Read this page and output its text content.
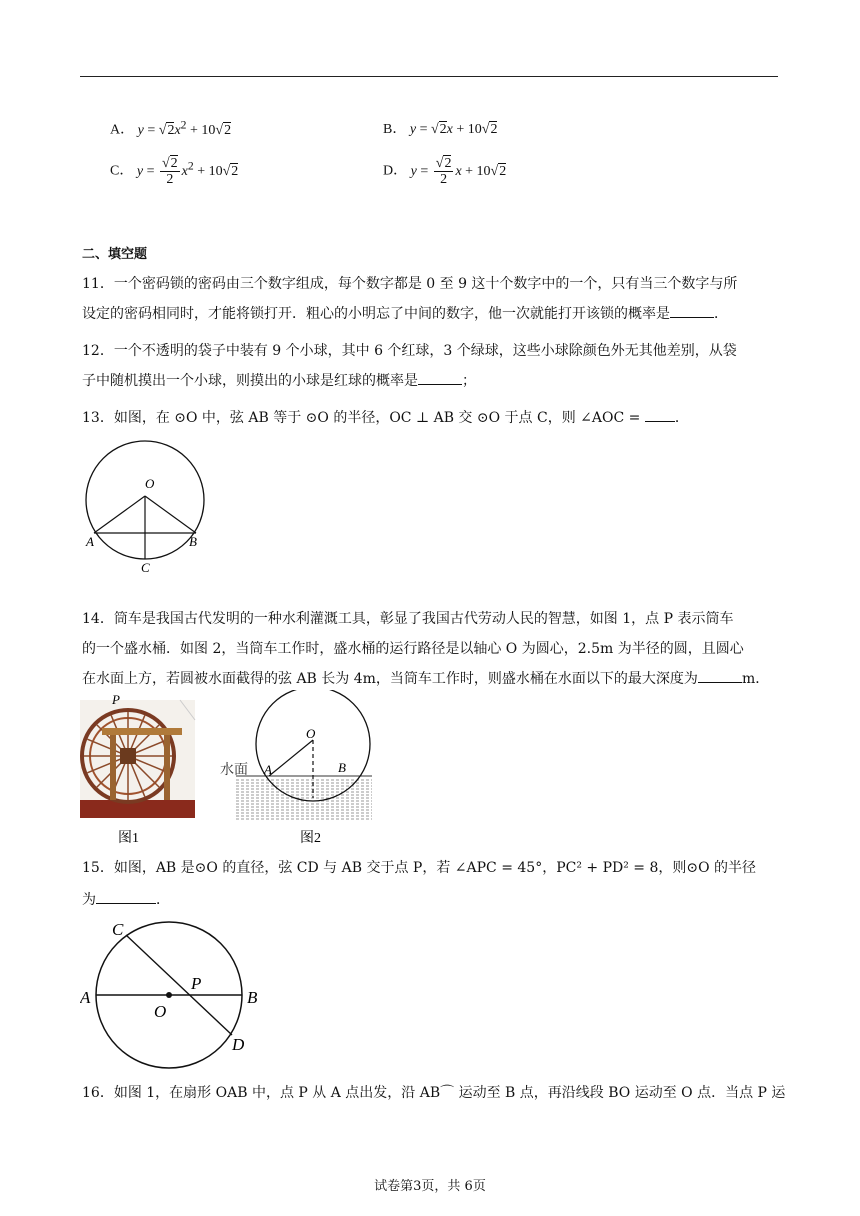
A． $y = √2x^2 + 10√2$	B． y = √2x + 10√2
C． $y = \frac{√2}{2} x^2 + 10√2$	D． $y = \frac{√2}{2}$ x + 10√2
二、填空题
11．一个密码锁的密码由三个数字组成，每个数字都是 0 至 9 这十个数字中的一个，只有当三个数字与所
设定的密码相同时，才能将锁打开．粗心的小明忘了中间的数字，他一次就能打开该锁的概率是	．
12．一个不透明的袋子中装有 9 个小球，其中 6 个红球，3 个绿球，这些小球除颜色外无其他差别，从袋
子中随机摸出一个小球，则摸出的小球是红球的概率是	；
13．如图，在 ⊙O 中，弦 AB 等于 ⊙O 的半径，OC ⊥ AB 交 ⊙O 于点 C，则 ∠AOC = ．
O
A	B
C
14．筒车是我国古代发明的一种水利灌溉工具，彰显了我国古代劳动人民的智慧，如图 1，点 P 表示筒车
的一个盛水桶．如图 2，当筒车工作时，盛水桶的运行路径是以轴心 O 为圆心，2.5m 为半径的圆，且圆心
在水面上方，若圆被水面截得的弦 AB 长为 4m，当筒车工作时，则盛水桶在水面以下的最大深度为	m．
P
图1
O
A	B
水面
图2
15．如图，AB 是⊙O 的直径，弦 CD 与 AB 交于点 P，若 ∠APC = 45°，PC² + PD² = 8，则⊙O 的半径
为	．
C
A	B
O
P
D
16．如图 1，在扇形 OAB 中，点 P 从 A 点出发，沿 AB⌒ 运动至 B 点，再沿线段 BO 运动至 O 点．当点 P 运
试卷第3页，共 6页
